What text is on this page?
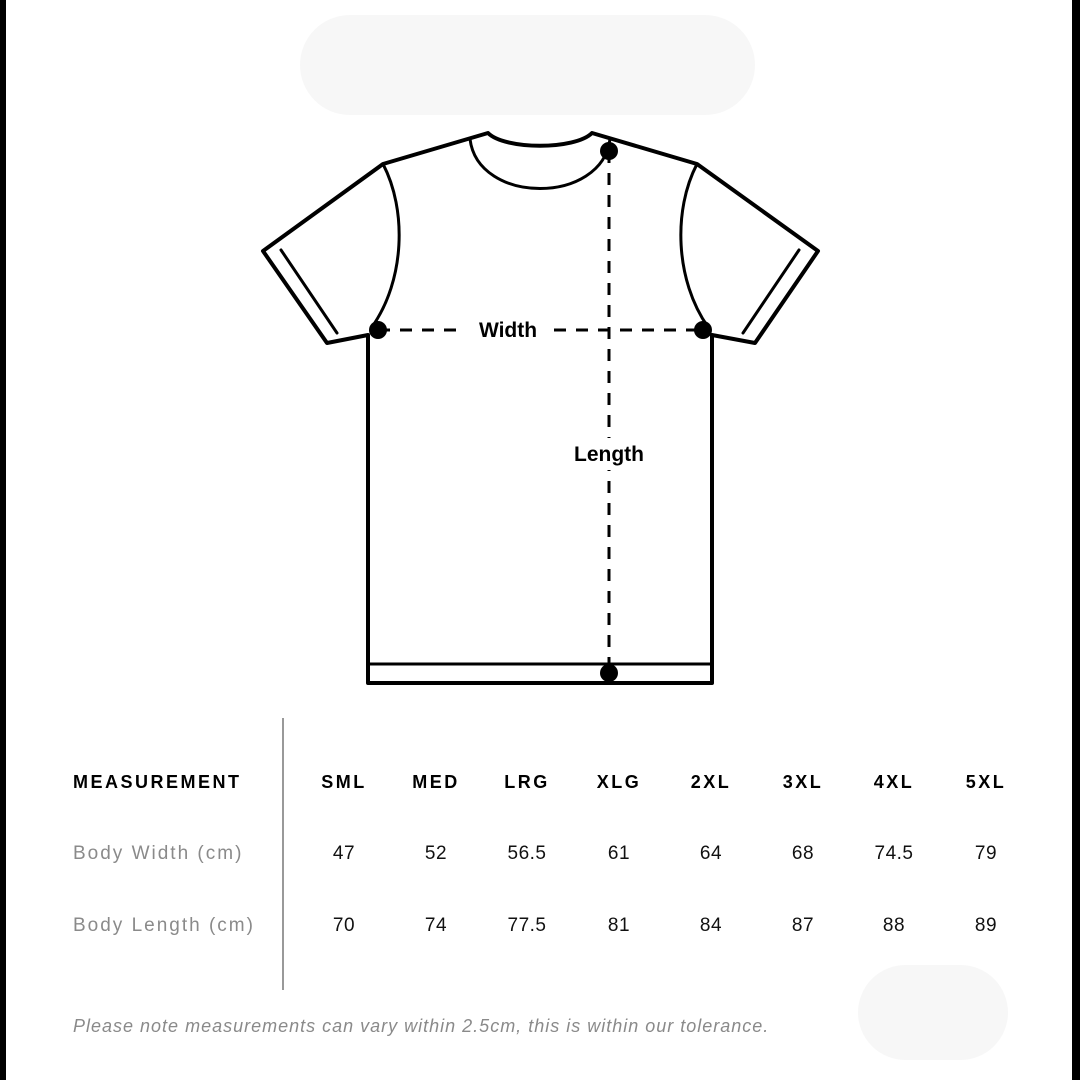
Width
Length
MEASUREMENT	SML	MED	LRG	XLG	2XL	3XL	4XL	5XL
Body Width (cm)	47	52	56.5	61	64	68	74.5	79
Body Length (cm)	70	74	77.5	81	84	87	88	89
Please note measurements can vary within 2.5cm, this is within our tolerance.
